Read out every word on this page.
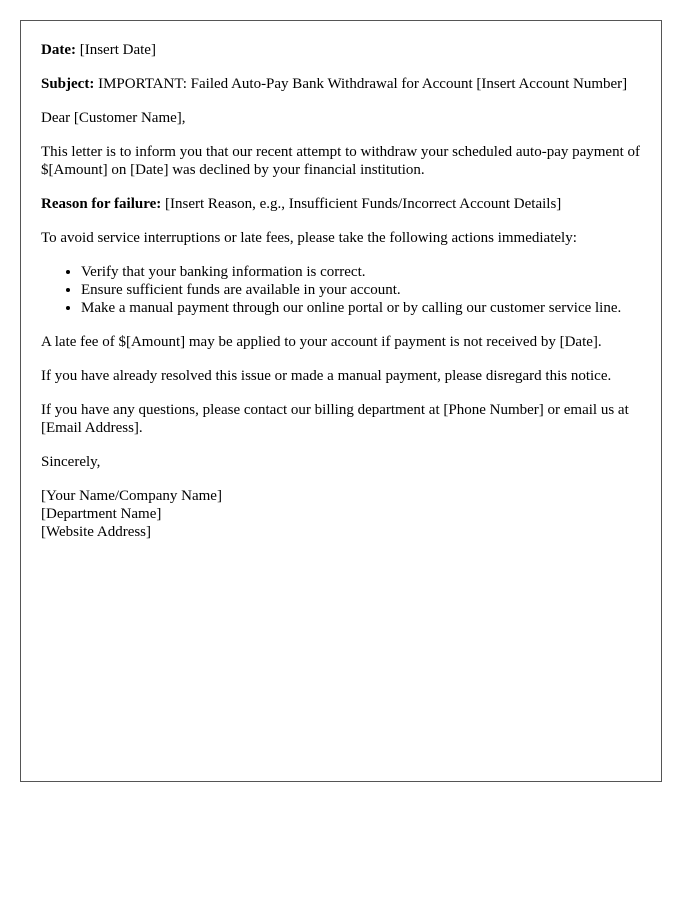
Date: [Insert Date]

Subject: IMPORTANT: Failed Auto-Pay Bank Withdrawal for Account [Insert Account Number]

Dear [Customer Name],

This letter is to inform you that our recent attempt to withdraw your scheduled auto-pay payment of $[Amount] on [Date] was declined by your financial institution.

Reason for failure: [Insert Reason, e.g., Insufficient Funds/Incorrect Account Details]

To avoid service interruptions or late fees, please take the following actions immediately:

• Verify that your banking information is correct.
• Ensure sufficient funds are available in your account.
• Make a manual payment through our online portal or by calling our customer service line.

A late fee of $[Amount] may be applied to your account if payment is not received by [Date].

If you have already resolved this issue or made a manual payment, please disregard this notice.

If you have any questions, please contact our billing department at [Phone Number] or email us at [Email Address].

Sincerely,

[Your Name/Company Name]
[Department Name]
[Website Address]
